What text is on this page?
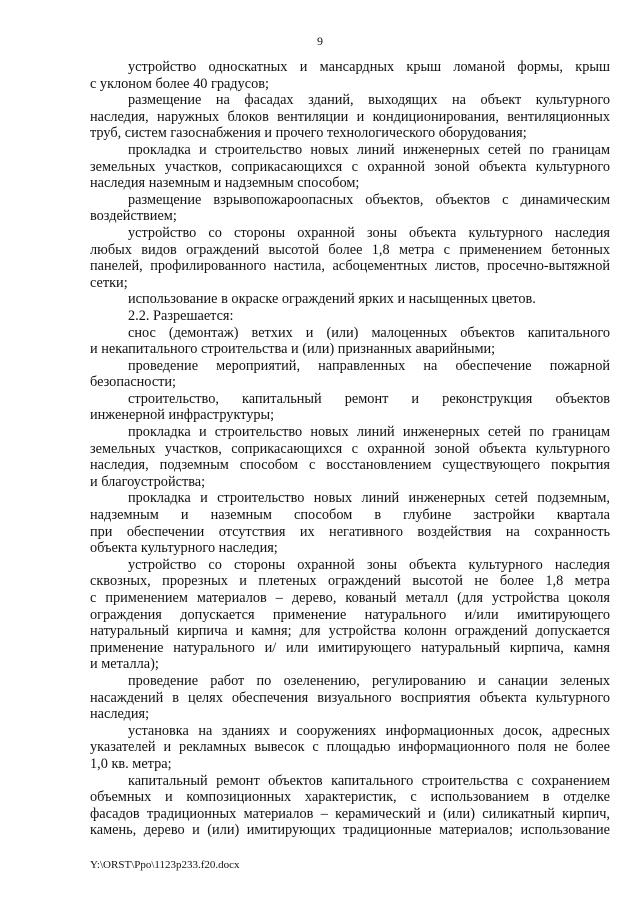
9
устройство односкатных и мансардных крыш ломаной формы, крыш
с уклоном более 40 градусов;
размещение на фасадах зданий, выходящих на объект культурного
наследия, наружных блоков вентиляции и кондиционирования, вентиляционных
труб, систем газоснабжения и прочего технологического оборудования;
прокладка и строительство новых линий инженерных сетей по границам
земельных участков, соприкасающихся с охранной зоной объекта культурного
наследия наземным и надземным способом;
размещение взрывопожароопасных объектов, объектов с динамическим
воздействием;
устройство со стороны охранной зоны объекта культурного наследия
любых видов ограждений высотой более 1,8 метра с применением бетонных
панелей, профилированного настила, асбоцементных листов, просечно-вытяжной
сетки;
использование в окраске ограждений ярких и насыщенных цветов.
2.2. Разрешается:
снос (демонтаж) ветхих и (или) малоценных объектов капитального
и некапитального строительства и (или) признанных аварийными;
проведение мероприятий, направленных на обеспечение пожарной
безопасности;
строительство, капитальный ремонт и реконструкция объектов
инженерной инфраструктуры;
прокладка и строительство новых линий инженерных сетей по границам
земельных участков, соприкасающихся с охранной зоной объекта культурного
наследия, подземным способом с восстановлением существующего покрытия
и благоустройства;
прокладка и строительство новых линий инженерных сетей подземным,
надземным и наземным способом в глубине застройки квартала
при обеспечении отсутствия их негативного воздействия на сохранность
объекта культурного наследия;
устройство со стороны охранной зоны объекта культурного наследия
сквозных, прорезных и плетеных ограждений высотой не более 1,8 метра
с применением материалов – дерево, кованый металл (для устройства цоколя
ограждения допускается применение натурального и/или имитирующего
натуральный кирпича и камня; для устройства колонн ограждений допускается
применение натурального и/ или имитирующего натуральный кирпича, камня
и металла);
проведение работ по озеленению, регулированию и санации зеленых
насаждений в целях обеспечения визуального восприятия объекта культурного
наследия;
установка на зданиях и сооружениях информационных досок, адресных
указателей и рекламных вывесок с площадью информационного поля не более
1,0 кв. метра;
капитальный ремонт объектов капитального строительства с сохранением
объемных и композиционных характеристик, с использованием в отделке
фасадов традиционных материалов – керамический и (или) силикатный кирпич,
камень, дерево и (или) имитирующих традиционные материалов; использование
Y:\ORST\Ppo\1123p233.f20.docx
